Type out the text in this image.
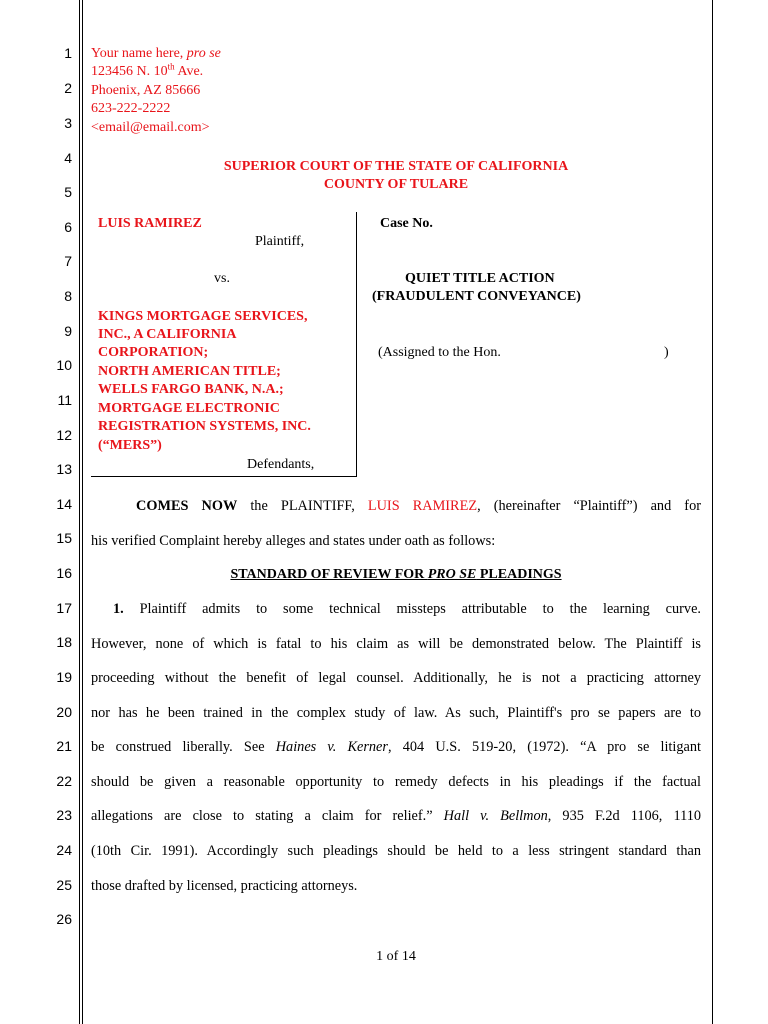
1
2
3
4
5
6
7
8
9
10
11
12
13
14
15
16
17
18
19
20
21
22
23
24
25
26
Your name here, pro se
123456 N. 10th Ave.
Phoenix, AZ 85666
623-222-2222
<email@email.com>
SUPERIOR COURT OF THE STATE OF CALIFORNIA
COUNTY OF TULARE
LUIS RAMIREZ
Plaintiff,
vs.
KINGS MORTGAGE SERVICES,
INC., A CALIFORNIA
CORPORATION;
NORTH AMERICAN TITLE;
WELLS FARGO BANK, N.A.;
MORTGAGE ELECTRONIC
REGISTRATION SYSTEMS, INC.
(“MERS”)
Defendants,
Case No.
QUIET TITLE ACTION
(FRAUDULENT CONVEYANCE)
(Assigned to the Hon.	)
COMES NOW the PLAINTIFF, LUIS RAMIREZ, (hereinafter “Plaintiff”) and for
his verified Complaint hereby alleges and states under oath as follows:
STANDARD OF REVIEW FOR PRO SE PLEADINGS
1. Plaintiff admits to some technical missteps attributable to the learning curve.
However, none of which is fatal to his claim as will be demonstrated below. The Plaintiff is
proceeding without the benefit of legal counsel. Additionally, he is not a practicing attorney
nor has he been trained in the complex study of law. As such, Plaintiff's pro se papers are to
be construed liberally. See Haines v. Kerner, 404 U.S. 519-20, (1972). “A pro se litigant
should be given a reasonable opportunity to remedy defects in his pleadings if the factual
allegations are close to stating a claim for relief.” Hall v. Bellmon, 935 F.2d 1106, 1110
(10th Cir. 1991). Accordingly such pleadings should be held to a less stringent standard than
those drafted by licensed, practicing attorneys.
1 of 14
